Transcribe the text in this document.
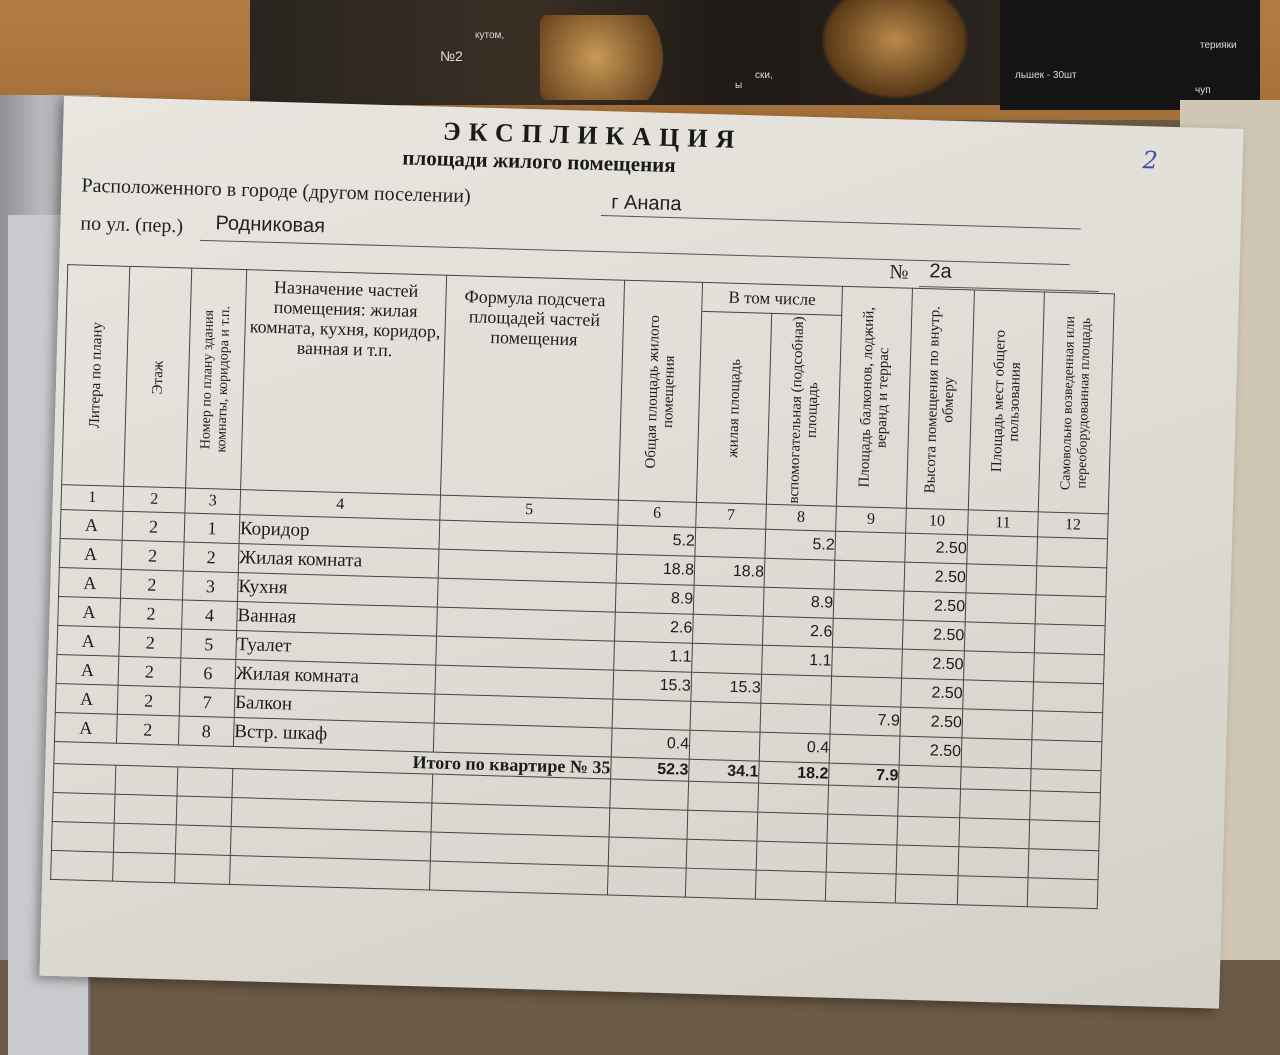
№2
кутом,
ы
ски,	льшек - 30шт
терияки
чуп
ЭКСПЛИКАЦИЯ
площади жилого помещения	2
Расположенного в городе (другом поселении)	г Анапа
по ул. (пер.) Родниковая
№ 2а
Литера по плану	Этаж	Номер по плану здания комнаты, коридора и т.п.	Назначение частей помещения: жилая комната, кухня, коридор, ванная и т.п.	Формула подсчета площадей частей помещения	Общая площадь жилого помещения	В том числе		Площадь балконов, лоджий, веранд и террас	Высота помещения по внутр. обмеру	Площадь мест общего пользования	Самовольно возведенная или переоборудованная площадь

						жилая площадь	вспомогательная (подсобная) площадь				

1	2	3	4	5	6	7	8	9	10	11	12
А	2	1	Коридор		5.2		5.2		2.50		
А	2	2	Жилая комната		18.8	18.8			2.50		
А	2	3	Кухня		8.9		8.9		2.50		
А	2	4	Ванная		2.6		2.6		2.50		
А	2	5	Туалет		1.1		1.1		2.50		
А	2	6	Жилая комната		15.3	15.3			2.50		
А	2	7	Балкон					7.9	2.50		
А	2	8	Встр. шкаф		0.4		0.4		2.50		
Итого по квартире № 35					52.3	34.1	18.2	7.9			
